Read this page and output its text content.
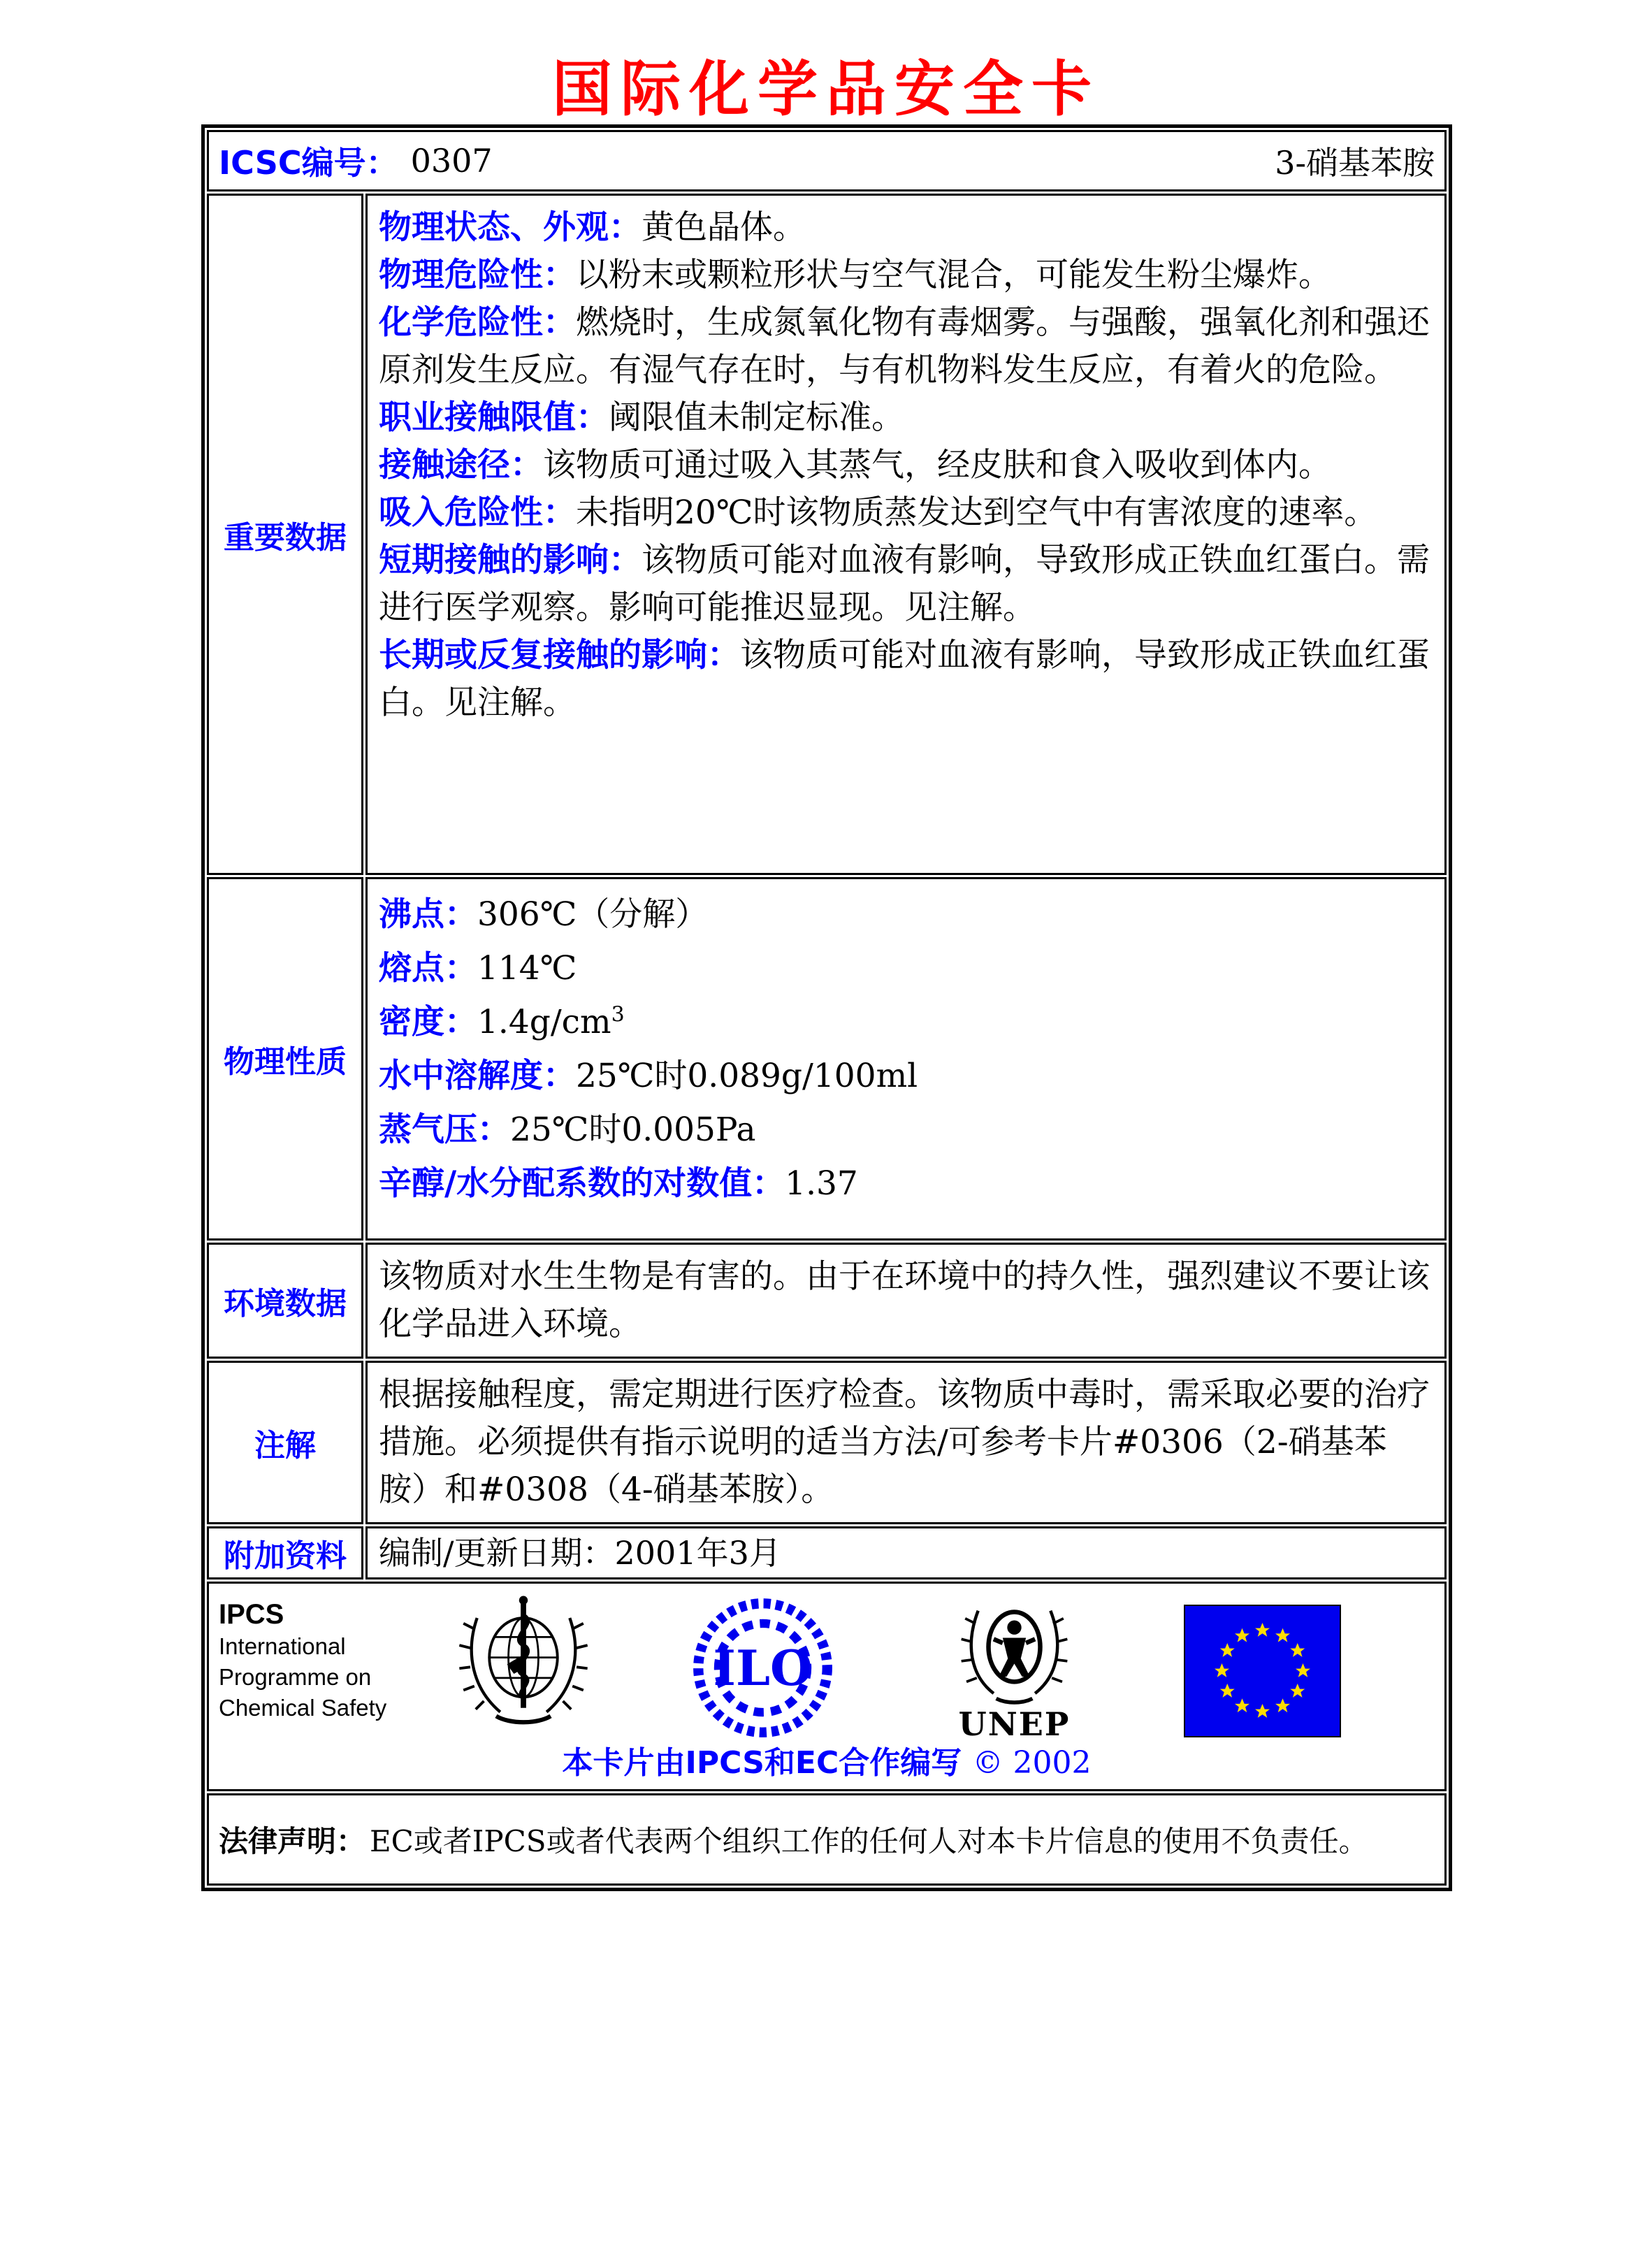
国际化学品安全卡
ICSC编号： 0307	3-硝基苯胺
重要数据

物理状态、外观：黄色晶体。

物理危险性：以粉末或颗粒形状与空气混合，可能发生粉尘爆炸。

化学危险性：燃烧时，生成氮氧化物有毒烟雾。与强酸，强氧化剂和强还原剂发生反应。有湿气存在时，与有机物料发生反应，有着火的危险。

职业接触限值：阈限值未制定标准。

接触途径：该物质可通过吸入其蒸气，经皮肤和食入吸收到体内。

吸入危险性：未指明20℃时该物质蒸发达到空气中有害浓度的速率。

短期接触的影响：该物质可能对血液有影响，导致形成正铁血红蛋白。需进行医学观察。影响可能推迟显现。见注解。

长期或反复接触的影响：该物质可能对血液有影响，导致形成正铁血红蛋白。见注解。

物理性质

沸点：306℃（分解）

熔点：114℃

密度：$1.4g/cm^3$

水中溶解度：25℃时0.089g/100ml

蒸气压：25℃时0.005Pa

辛醇/水分配系数的对数值：1.37

环境数据

该物质对水生生物是有害的。由于在环境中的持久性，强烈建议不要让该化学品进入环境。

注解

根据接触程度，需定期进行医疗检查。该物质中毒时，需采取必要的治疗措施。必须提供有指示说明的适当方法/可参考卡片#0306（2-硝基苯胺）和#0308（4-硝基苯胺）。

附加资料	编制/更新日期：2001年3月

IPCS
International
Programme on
Chemical Safety
ILO
UNEP
本卡片由IPCS和EC合作编写 © 2002
法律声明： EC或者IPCS或者代表两个组织工作的任何人对本卡片信息的使用不负责任。
